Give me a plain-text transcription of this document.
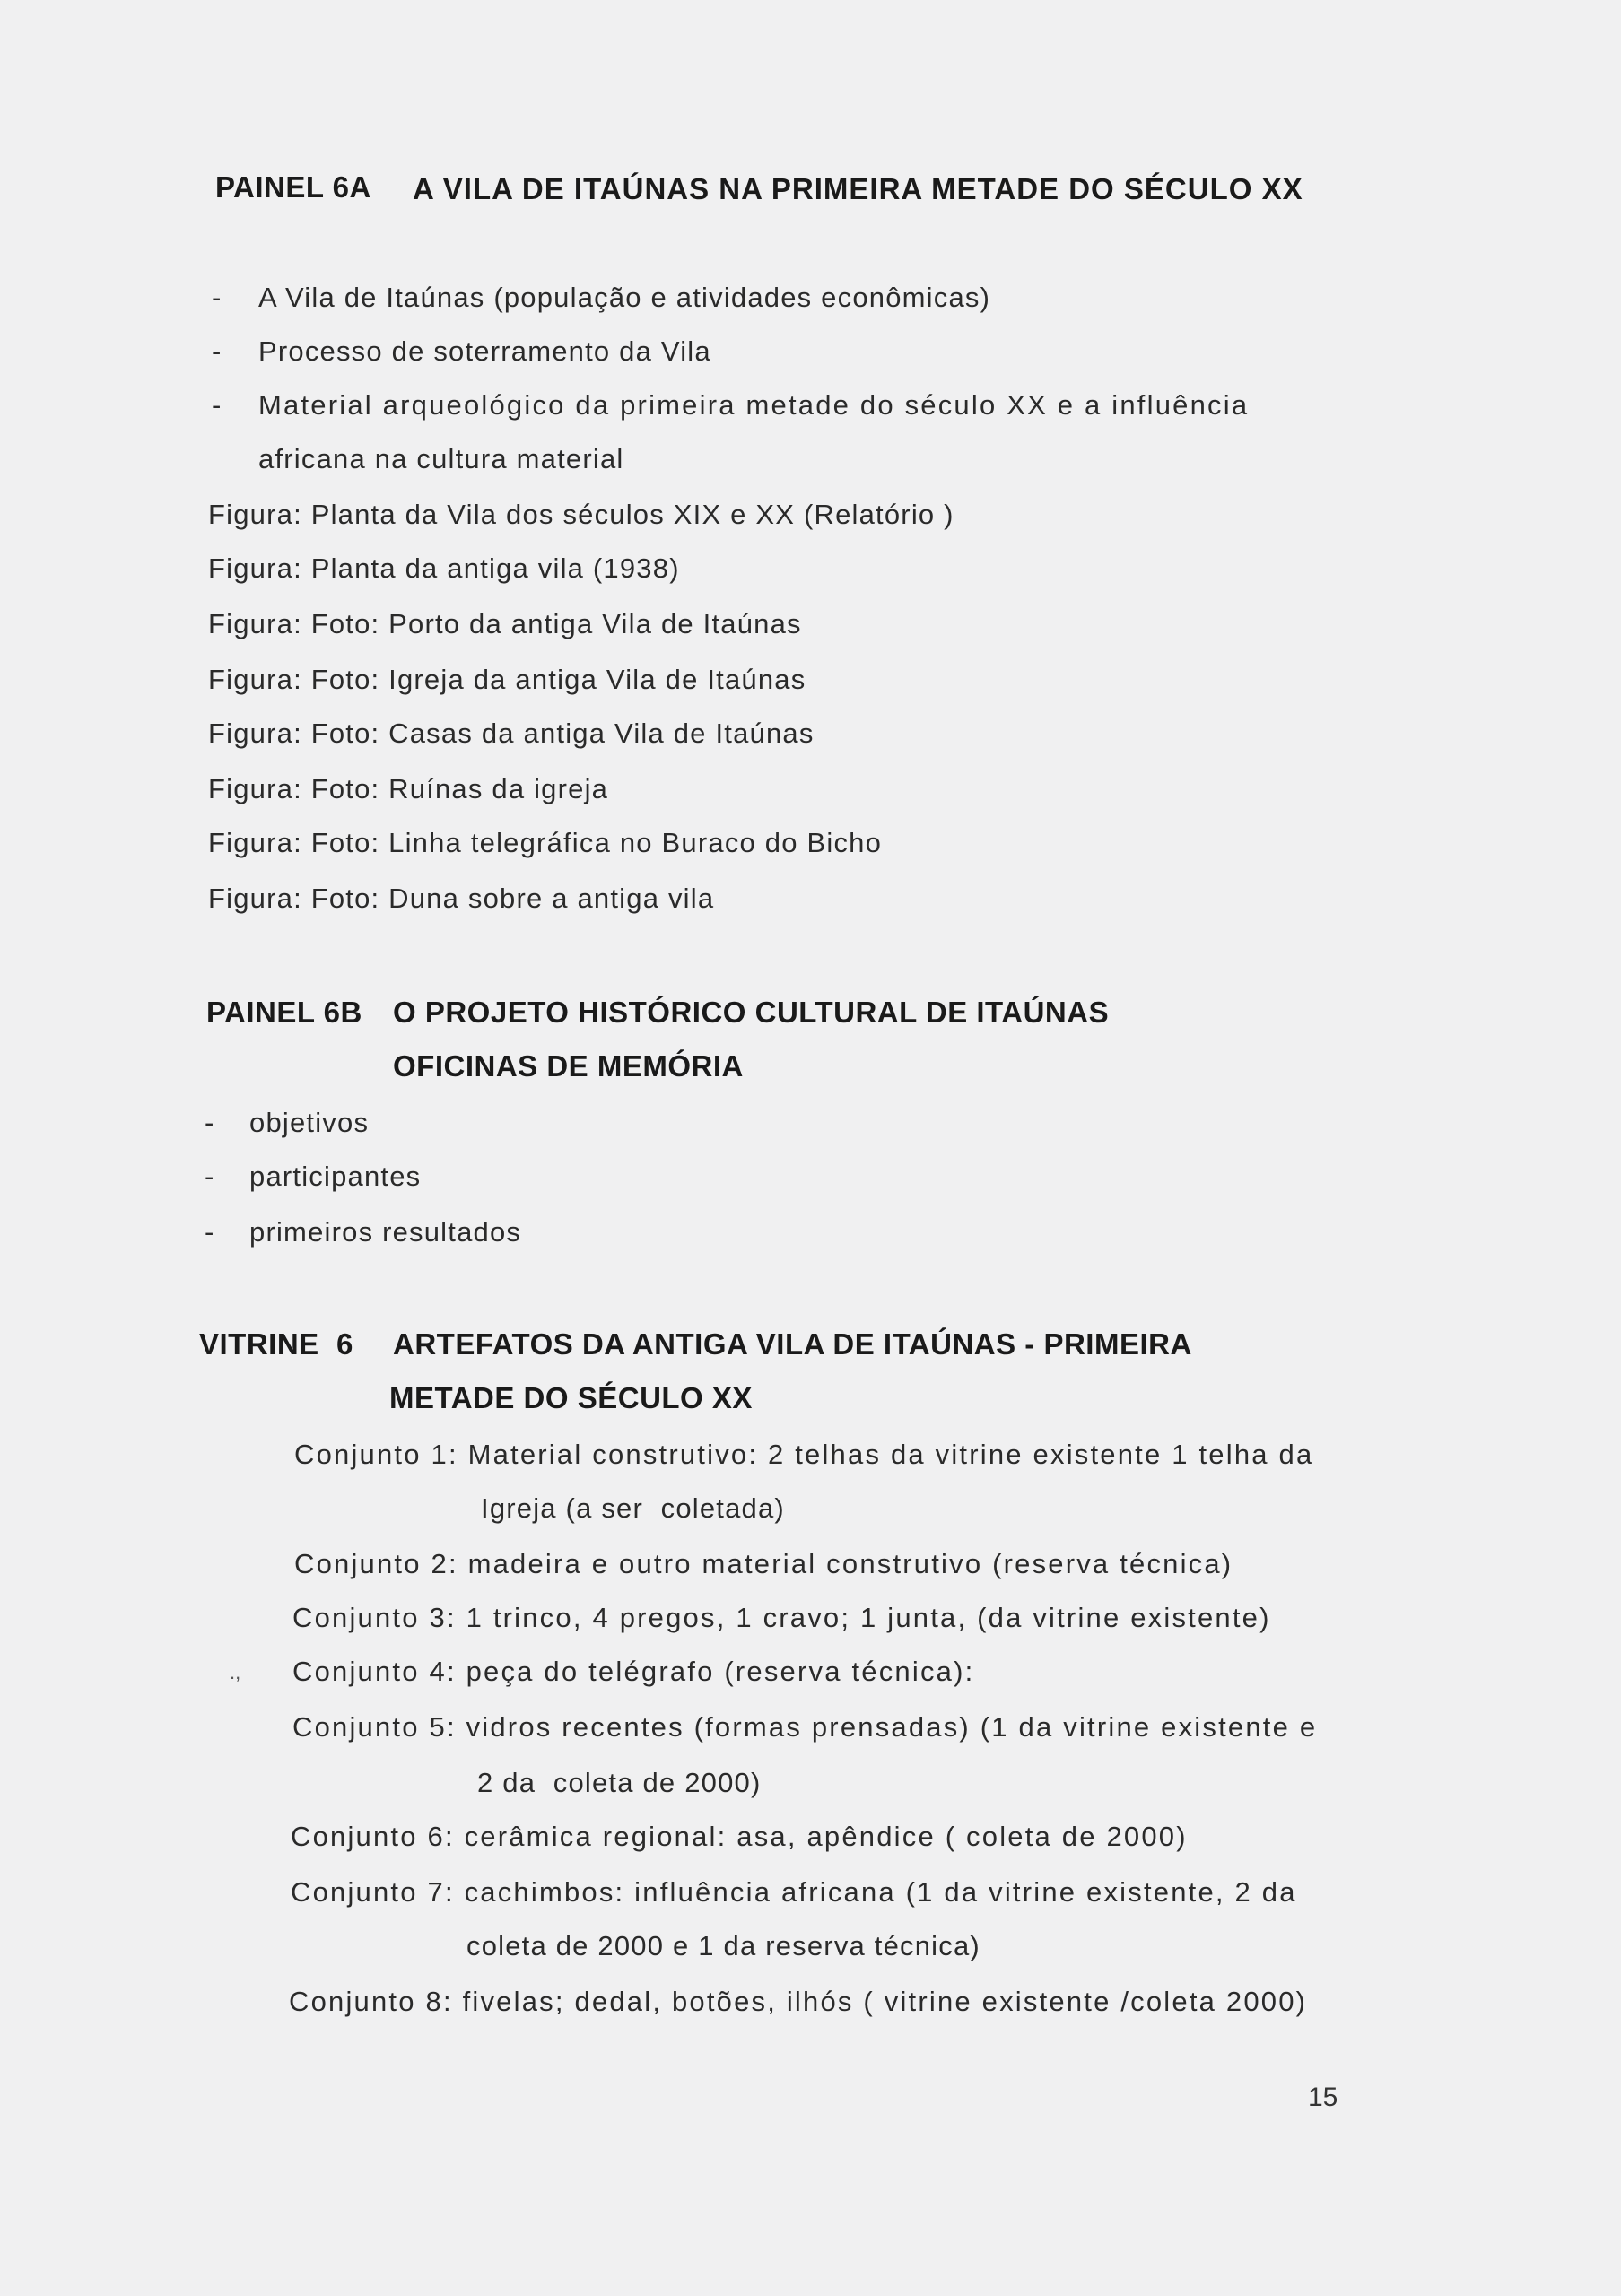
PAINEL 6A A VILA DE ITAÚNAS NA PRIMEIRA METADE DO SÉCULO XX
- A Vila de Itaúnas (população e atividades econômicas)
- Processo de soterramento da Vila
- Material arqueológico da primeira metade do século XX e a influência
africana na cultura material
Figura: Planta da Vila dos séculos XIX e XX (Relatório )
Figura: Planta da antiga vila (1938)
Figura: Foto: Porto da antiga Vila de Itaúnas
Figura: Foto: Igreja da antiga Vila de Itaúnas
Figura: Foto: Casas da antiga Vila de Itaúnas
Figura: Foto: Ruínas da igreja
Figura: Foto: Linha telegráfica no Buraco do Bicho
Figura: Foto: Duna sobre a antiga vila
PAINEL 6B O PROJETO HISTÓRICO CULTURAL DE ITAÚNAS
OFICINAS DE MEMÓRIA
- objetivos
- participantes
- primeiros resultados
VITRINE  6 ARTEFATOS DA ANTIGA VILA DE ITAÚNAS - PRIMEIRA
METADE DO SÉCULO XX
Conjunto 1: Material construtivo: 2 telhas da vitrine existente 1 telha da
Igreja (a ser  coletada)
Conjunto 2: madeira e outro material construtivo (reserva técnica)
Conjunto 3: 1 trinco, 4 pregos, 1 cravo; 1 junta, (da vitrine existente)
., Conjunto 4: peça do telégrafo (reserva técnica):
Conjunto 5: vidros recentes (formas prensadas) (1 da vitrine existente e
2 da  coleta de 2000)
Conjunto 6: cerâmica regional: asa, apêndice ( coleta de 2000)
Conjunto 7: cachimbos: influência africana (1 da vitrine existente, 2 da
coleta de 2000 e 1 da reserva técnica)
Conjunto 8: fivelas; dedal, botões, ilhós ( vitrine existente /coleta 2000)
15
